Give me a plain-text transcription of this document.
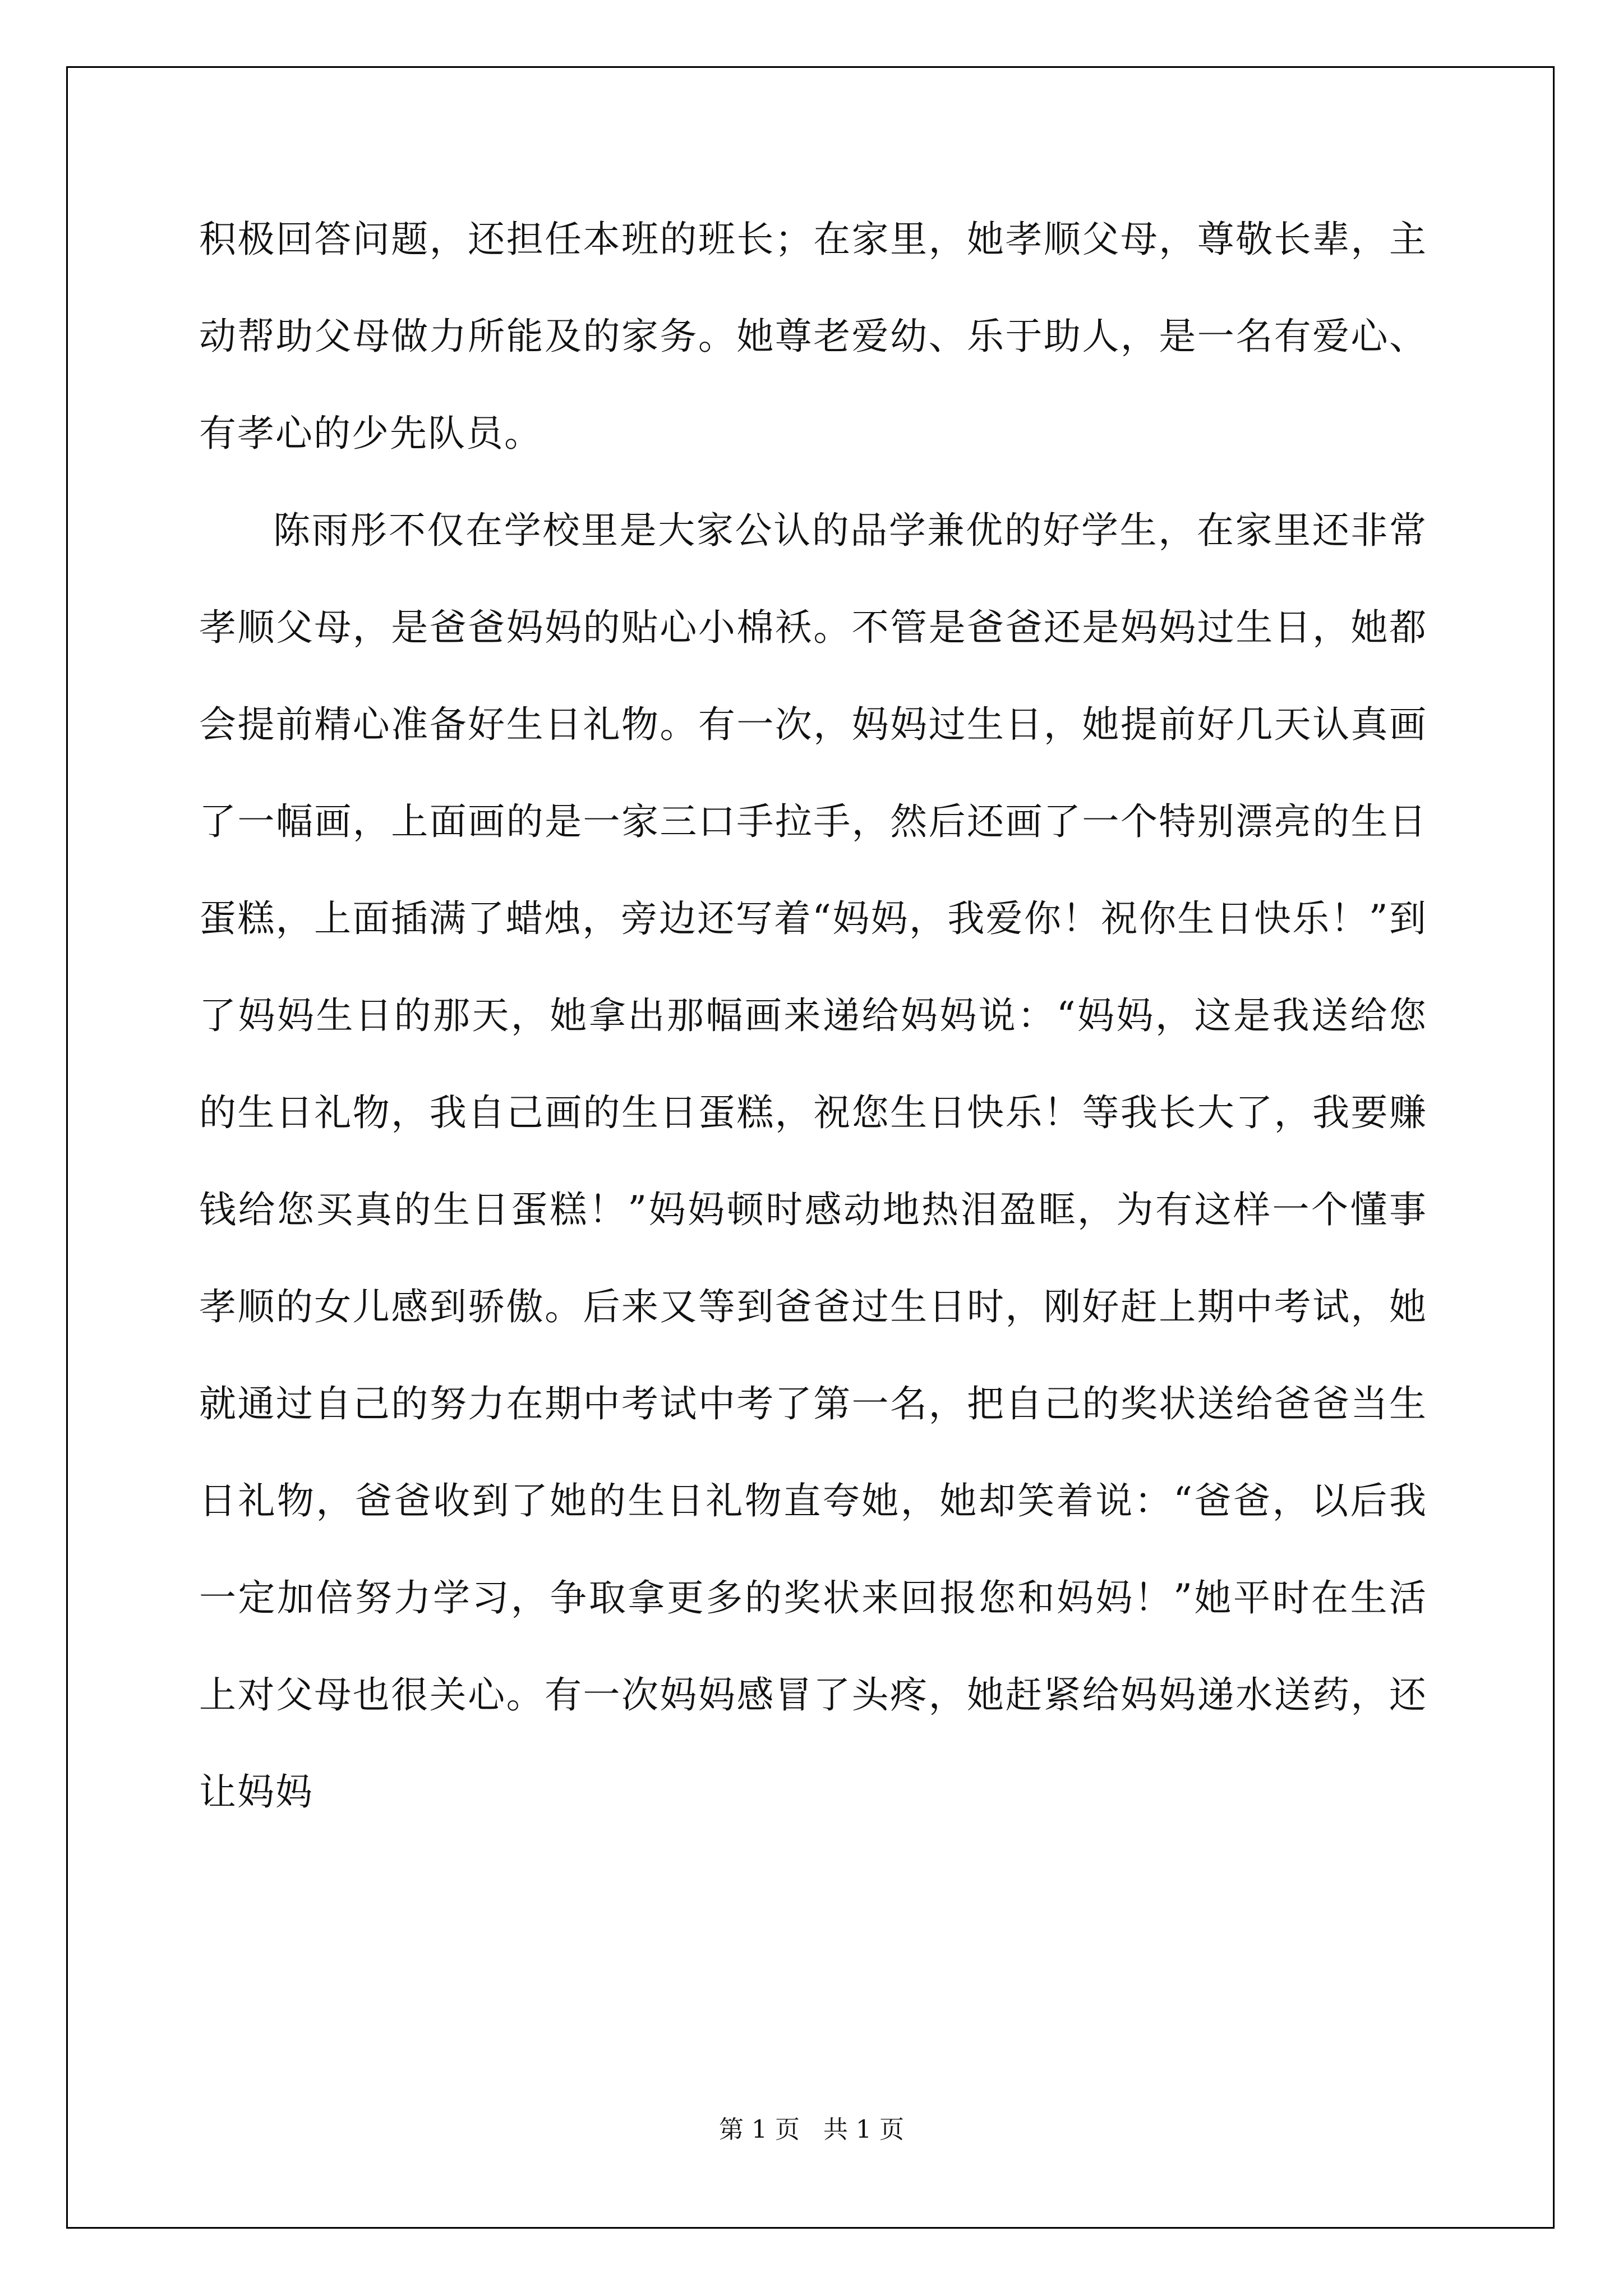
积极回答问题，还担任本班的班长；在家里，她孝顺父母，尊敬长辈，主动帮助父母做力所能及的家务。她尊老爱幼、乐于助人，是一名有爱心、有孝心的少先队员。

陈雨彤不仅在学校里是大家公认的品学兼优的好学生，在家里还非常孝顺父母，是爸爸妈妈的贴心小棉袄。不管是爸爸还是妈妈过生日，她都会提前精心准备好生日礼物。有一次，妈妈过生日，她提前好几天认真画了一幅画，上面画的是一家三口手拉手，然后还画了一个特别漂亮的生日蛋糕，上面插满了蜡烛，旁边还写着“妈妈，我爱你！祝你生日快乐！”到了妈妈生日的那天，她拿出那幅画来递给妈妈说：“妈妈，这是我送给您的生日礼物，我自己画的生日蛋糕，祝您生日快乐！等我长大了，我要赚钱给您买真的生日蛋糕！”妈妈顿时感动地热泪盈眶，为有这样一个懂事孝顺的女儿感到骄傲。后来又等到爸爸过生日时，刚好赶上期中考试，她就通过自己的努力在期中考试中考了第一名，把自己的奖状送给爸爸当生日礼物，爸爸收到了她的生日礼物直夸她，她却笑着说：“爸爸，以后我一定加倍努力学习，争取拿更多的奖状来回报您和妈妈！”她平时在生活上对父母也很关心。有一次妈妈感冒了头疼，她赶紧给妈妈递水送药，还让妈妈

第 1 页 共 1 页
